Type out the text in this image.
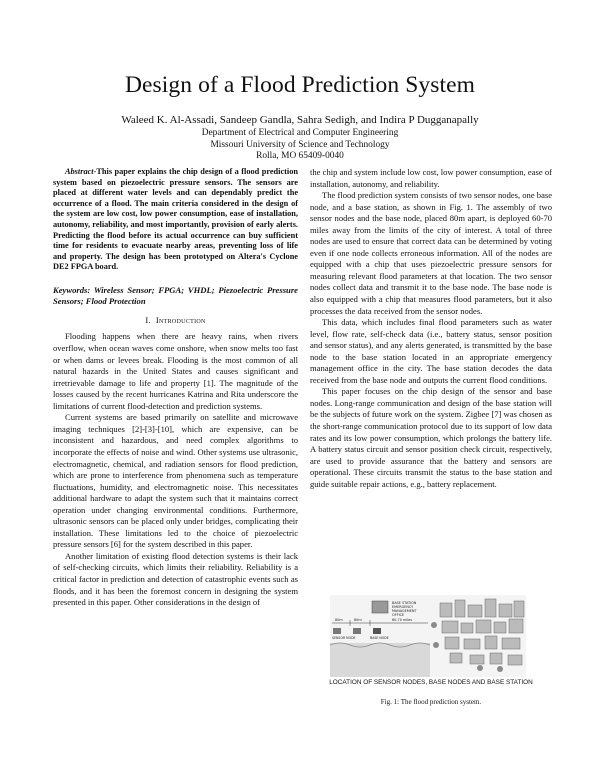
Design of a Flood Prediction System
Waleed K. Al-Assadi, Sandeep Gandla, Sahra Sedigh, and Indira P Dugganapally
Department of Electrical and Computer Engineering
Missouri University of Science and Technology
Rolla, MO 65409-0040

Abstract-This paper explains the chip design of a flood prediction system based on piezoelectric pressure sensors. The sensors are placed at different water levels and can dependably predict the occurrence of a flood. The main criteria considered in the design of the system are low cost, low power consumption, ease of installation, autonomy, reliability, and most importantly, provision of early alerts. Predicting the flood before its actual occurrence can buy sufficient time for residents to evacuate nearby areas, preventing loss of life and property. The design has been prototyped on Altera's Cyclone DE2 FPGA board.

Keywords: Wireless Sensor; FPGA; VHDL; Piezoelectric Pressure Sensors; Flood Protection

I. Introduction

Flooding happens when there are heavy rains, when rivers overflow, when ocean waves come onshore, when snow melts too fast or when dams or levees break. Flooding is the most common of all natural hazards in the United States and causes significant and irretrievable damage to life and property [1]. The magnitude of the losses caused by the recent hurricanes Katrina and Rita underscore the limitations of current flood-detection and prediction systems.

Current systems are based primarily on satellite and microwave imaging techniques [2]-[3]-[10], which are expensive, can be inconsistent and hazardous, and need complex algorithms to incorporate the effects of noise and wind. Other systems use ultrasonic, electromagnetic, chemical, and radiation sensors for flood prediction, which are prone to interference from phenomena such as temperature fluctuations, humidity, and electromagnetic noise. This necessitates additional hardware to adapt the system such that it maintains correct operation under changing environmental conditions. Furthermore, ultrasonic sensors can be placed only under bridges, complicating their installation. These limitations led to the choice of piezoelectric pressure sensors [6] for the system described in this paper.

Another limitation of existing flood detection systems is their lack of self-checking circuits, which limits their reliability. Reliability is a critical factor in prediction and detection of catastrophic events such as floods, and it has been the foremost concern in designing the system presented in this paper. Other considerations in the design of

the chip and system include low cost, low power consumption, ease of installation, autonomy, and reliability.

The flood prediction system consists of two sensor nodes, one base node, and a base station, as shown in Fig. 1. The assembly of two sensor nodes and the base node, placed 80m apart, is deployed 60-70 miles away from the limits of the city of interest. A total of three nodes are used to ensure that correct data can be determined by voting even if one node collects erroneous information. All of the nodes are equipped with a chip that uses piezoelectric pressure sensors for measuring relevant flood parameters at that location. The two sensor nodes collect data and transmit it to the base node. The base node is also equipped with a chip that measures flood parameters, but it also processes the data received from the sensor nodes.

This data, which includes final flood parameters such as water level, flow rate, self-check data (i.e., battery status, sensor position and sensor status), and any alerts generated, is transmitted by the base node to the base station located in an appropriate emergency management office in the city. The base station decodes the data received from the base node and outputs the current flood conditions.

This paper focuses on the chip design of the sensor and base nodes. Long-range communication and design of the base station will be the subjects of future work on the system. Zigbee [7] was chosen as the short-range communication protocol due to its support of low data rates and its low power consumption, which prolongs the battery life. A battery status circuit and sensor position check circuit, respectively, are used to provide assurance that the battery and sensors are operational. These circuits transmit the status to the base station and guide suitable repair actions, e.g., battery replacement.

BASE STATION
EMERGENCY
MANAGEMENT
OFFICE
80m	80m	60-70 miles
SENSOR NODE	BASE NODE
LOCATION OF SENSOR NODES, BASE NODES AND BASE STATION
Fig. 1: The flood prediction system.
